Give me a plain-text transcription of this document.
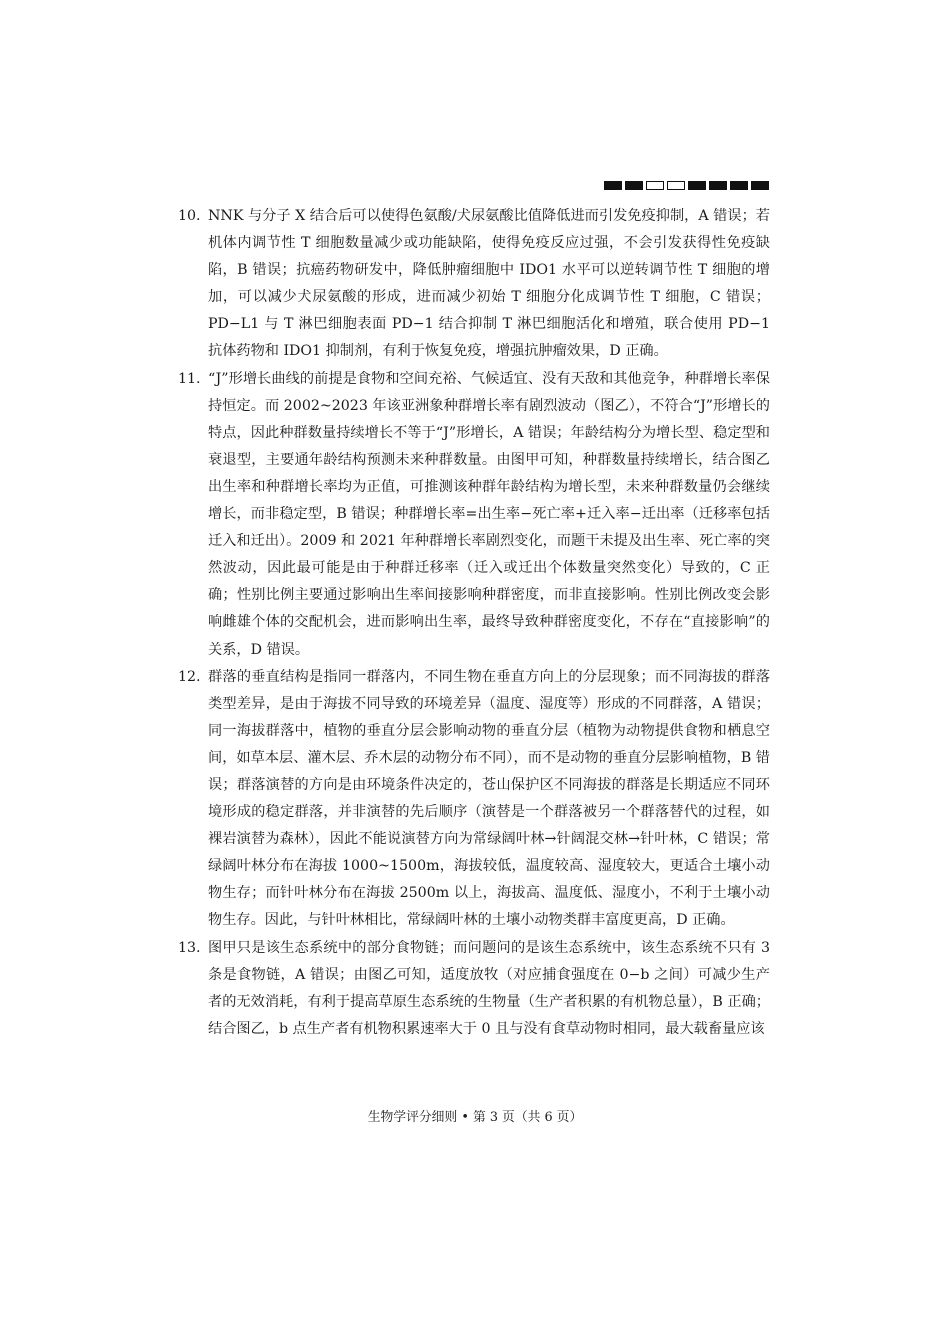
10. NNK 与分子 X 结合后可以使得色氨酸/犬尿氨酸比值降低进而引发免疫抑制，A 错误；若机体内调节性 T 细胞数量减少或功能缺陷，使得免疫反应过强，不会引发获得性免疫缺陷，B 错误；抗癌药物研发中，降低肿瘤细胞中 IDO1 水平可以逆转调节性 T 细胞的增加，可以减少犬尿氨酸的形成，进而减少初始 T 细胞分化成调节性 T 细胞，C 错误；PD−L1 与 T 淋巴细胞表面 PD−1 结合抑制 T 淋巴细胞活化和增殖，联合使用 PD−1 抗体药物和 IDO1 抑制剂，有利于恢复免疫，增强抗肿瘤效果，D 正确。
11. “J”形增长曲线的前提是食物和空间充裕、气候适宜、没有天敌和其他竞争，种群增长率保持恒定。而 2002~2023 年该亚洲象种群增长率有剧烈波动（图乙），不符合“J”形增长的特点，因此种群数量持续增长不等于“J”形增长，A 错误；年龄结构分为增长型、稳定型和衰退型，主要通年龄结构预测未来种群数量。由图甲可知，种群数量持续增长，结合图乙出生率和种群增长率均为正值，可推测该种群年龄结构为增长型，未来种群数量仍会继续增长，而非稳定型，B 错误；种群增长率=出生率−死亡率+迁入率−迁出率（迁移率包括迁入和迁出）。2009 和 2021 年种群增长率剧烈变化，而题干未提及出生率、死亡率的突然波动，因此最可能是由于种群迁移率（迁入或迁出个体数量突然变化）导致的，C 正确；性别比例主要通过影响出生率间接影响种群密度，而非直接影响。性别比例改变会影响雌雄个体的交配机会，进而影响出生率，最终导致种群密度变化，不存在“直接影响”的关系，D 错误。
12. 群落的垂直结构是指同一群落内，不同生物在垂直方向上的分层现象；而不同海拔的群落类型差异，是由于海拔不同导致的环境差异（温度、湿度等）形成的不同群落，A 错误；同一海拔群落中，植物的垂直分层会影响动物的垂直分层（植物为动物提供食物和栖息空间，如草本层、灌木层、乔木层的动物分布不同），而不是动物的垂直分层影响植物，B 错误；群落演替的方向是由环境条件决定的，苍山保护区不同海拔的群落是长期适应不同环境形成的稳定群落，并非演替的先后顺序（演替是一个群落被另一个群落替代的过程，如裸岩演替为森林），因此不能说演替方向为常绿阔叶林→针阔混交林→针叶林，C 错误；常绿阔叶林分布在海拔 1000~1500m，海拔较低，温度较高、湿度较大，更适合土壤小动物生存；而针叶林分布在海拔 2500m 以上，海拔高、温度低、湿度小，不利于土壤小动物生存。因此，与针叶林相比，常绿阔叶林的土壤小动物类群丰富度更高，D 正确。
13. 图甲只是该生态系统中的部分食物链；而问题问的是该生态系统中，该生态系统不只有 3 条是食物链，A 错误；由图乙可知，适度放牧（对应捕食强度在 0−b 之间）可减少生产者的无效消耗，有利于提高草原生态系统的生物量（生产者积累的有机物总量），B 正确；结合图乙，b 点生产者有机物积累速率大于 0 且与没有食草动物时相同，最大载畜量应该
生物学评分细则 • 第 3 页（共 6 页）
